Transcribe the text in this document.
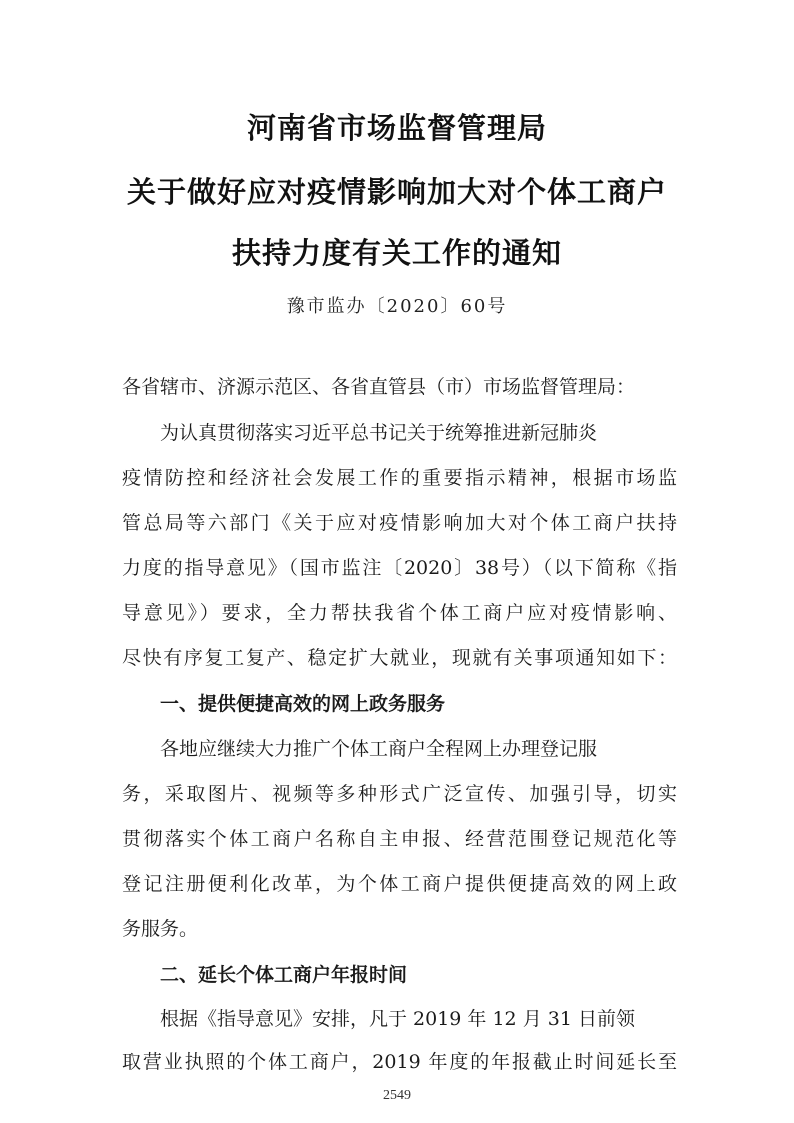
河南省市场监督管理局
关于做好应对疫情影响加大对个体工商户
扶持力度有关工作的通知
豫市监办〔2020〕60号
各省辖市、济源示范区、各省直管县（市）市场监督管理局：
为认真贯彻落实习近平总书记关于统筹推进新冠肺炎
疫情防控和经济社会发展工作的重要指示精神，根据市场监
管总局等六部门《关于应对疫情影响加大对个体工商户扶持
力度的指导意见》（国市监注〔2020〕38号）（以下简称《指
导意见》）要求，全力帮扶我省个体工商户应对疫情影响、
尽快有序复工复产、稳定扩大就业，现就有关事项通知如下：
一、提供便捷高效的网上政务服务
各地应继续大力推广个体工商户全程网上办理登记服
务，采取图片、视频等多种形式广泛宣传、加强引导，切实
贯彻落实个体工商户名称自主申报、经营范围登记规范化等
登记注册便利化改革，为个体工商户提供便捷高效的网上政
务服务。
二、延长个体工商户年报时间
根据《指导意见》安排，凡于 2019 年 12 月 31 日前领
取营业执照的个体工商户，2019 年度的年报截止时间延长至
2549
